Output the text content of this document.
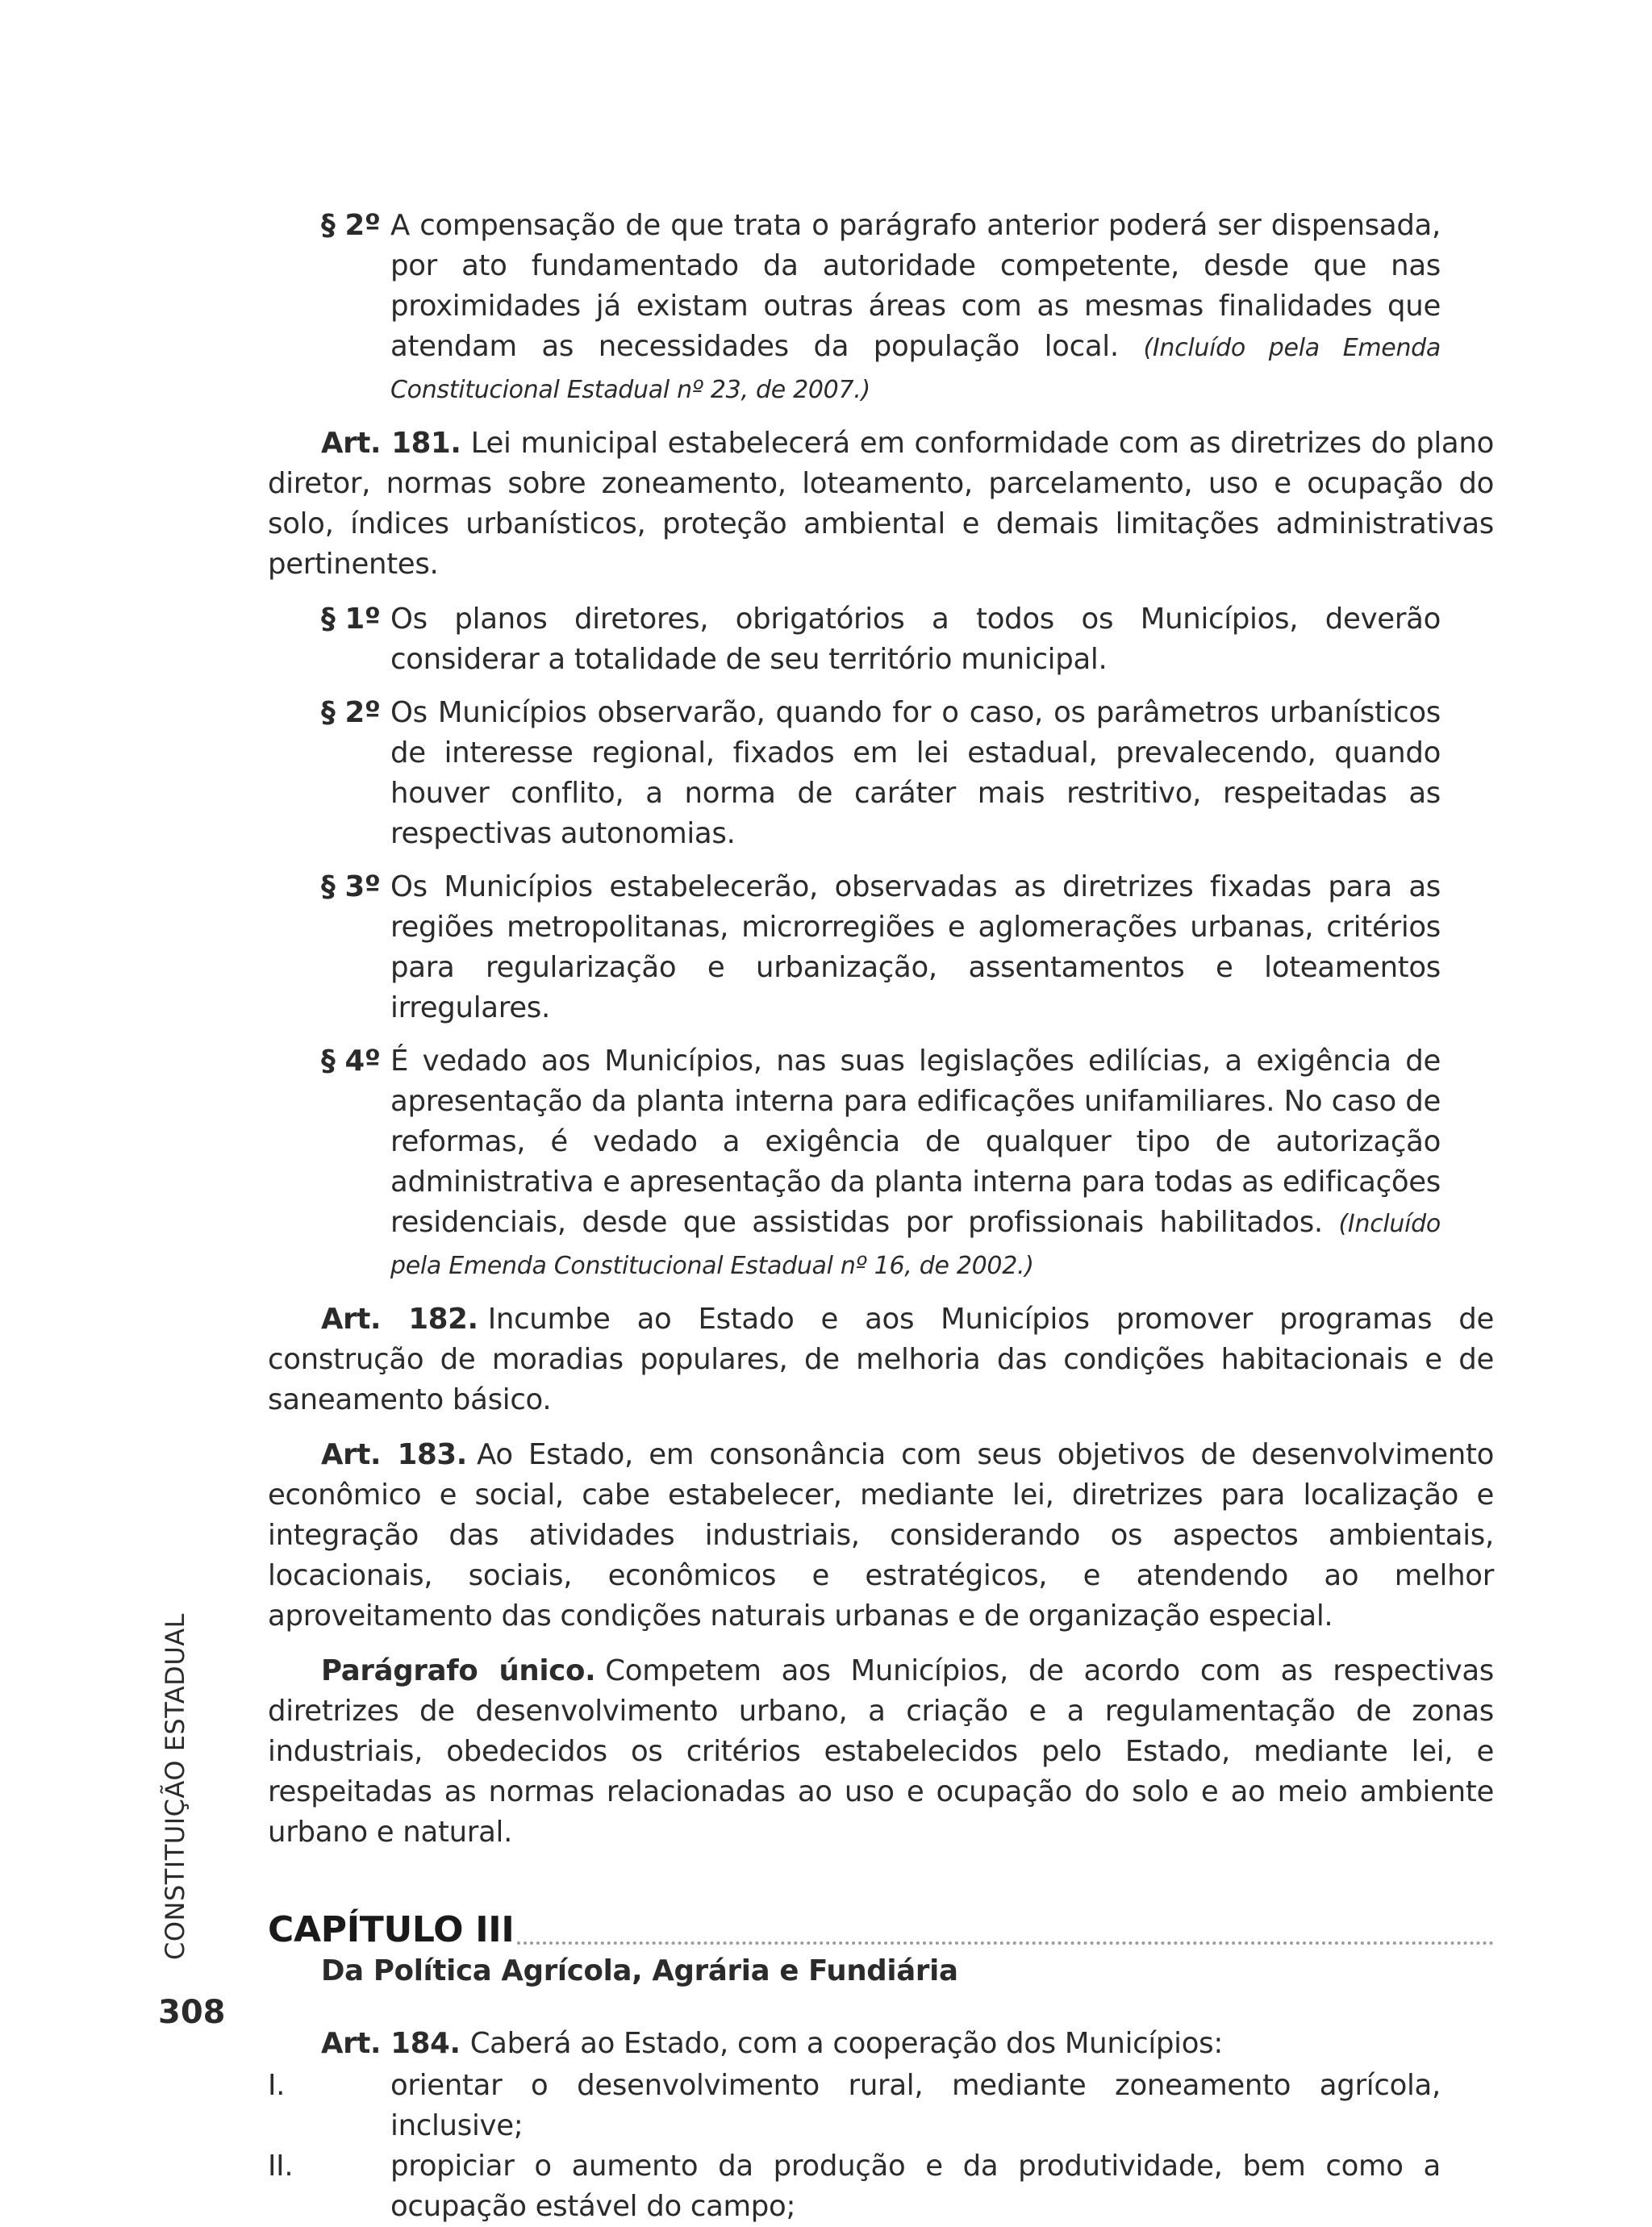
§ 2º A compensação de que trata o parágrafo anterior poderá ser dispensada, por ato fundamentado da autoridade competente, desde que nas proximidades já existam outras áreas com as mesmas finalidades que atendam as necessidades da população local. (Incluído pela Emenda Constitucional Estadual nº 23, de 2007.)

Art. 181. Lei municipal estabelecerá em conformidade com as diretrizes do plano diretor, normas sobre zoneamento, loteamento, parcelamento, uso e ocupação do solo, índices urbanísticos, proteção ambiental e demais limitações administrativas pertinentes.

§ 1º Os planos diretores, obrigatórios a todos os Municípios, deverão considerar a totalidade de seu território municipal.
§ 2º Os Municípios observarão, quando for o caso, os parâmetros urbanísticos de interesse regional, fixados em lei estadual, prevalecendo, quando houver conflito, a norma de caráter mais restritivo, respeitadas as respectivas autonomias.
§ 3º Os Municípios estabelecerão, observadas as diretrizes fixadas para as regiões metropolitanas, microrregiões e aglomerações urbanas, critérios para regularização e urbanização, assentamentos e loteamentos irregulares.
§ 4º É vedado aos Municípios, nas suas legislações edilícias, a exigência de apresentação da planta interna para edificações unifamiliares. No caso de reformas, é vedado a exigência de qualquer tipo de autorização administrativa e apresentação da planta interna para todas as edificações residenciais, desde que assistidas por profissionais habilitados. (Incluído pela Emenda Constitucional Estadual nº 16, de 2002.)

Art. 182. Incumbe ao Estado e aos Municípios promover programas de construção de moradias populares, de melhoria das condições habitacionais e de saneamento básico.

Art. 183. Ao Estado, em consonância com seus objetivos de desenvolvimento econômico e social, cabe estabelecer, mediante lei, diretrizes para localização e integração das atividades industriais, considerando os aspectos ambientais, locacionais, sociais, econômicos e estratégicos, e atendendo ao melhor aproveitamento das condições naturais urbanas e de organização especial.

Parágrafo único. Competem aos Municípios, de acordo com as respectivas diretrizes de desenvolvimento urbano, a criação e a regulamentação de zonas industriais, obedecidos os critérios estabelecidos pelo Estado, mediante lei, e respeitadas as normas relacionadas ao uso e ocupação do solo e ao meio ambiente urbano e natural.

CAPÍTULO III
Da Política Agrícola, Agrária e Fundiária

Art. 184. Caberá ao Estado, com a cooperação dos Municípios:

I.	orientar o desenvolvimento rural, mediante zoneamento agrícola, inclusive;
II.	propiciar o aumento da produção e da produtividade, bem como a ocupação estável do campo;
CONSTITUIÇÃO ESTADUAL
308
